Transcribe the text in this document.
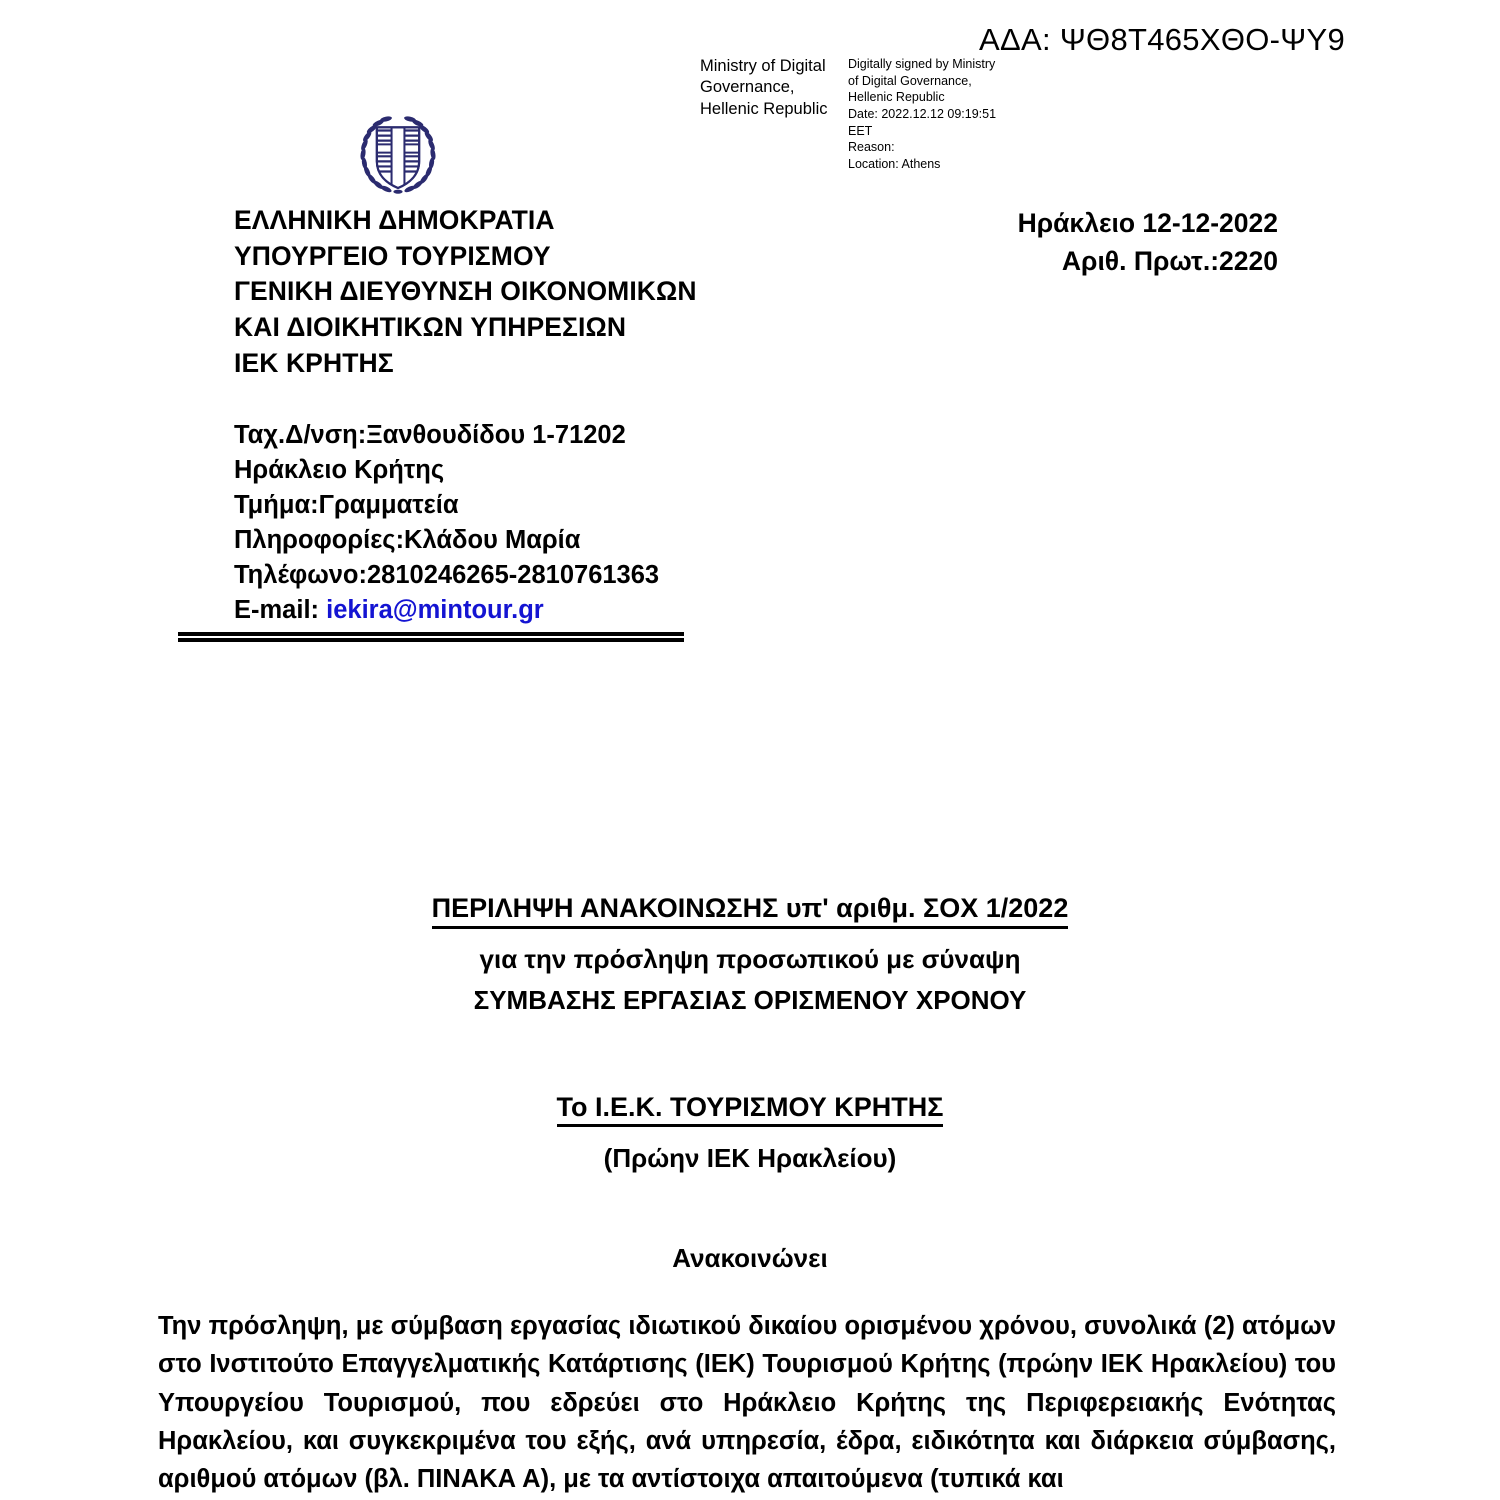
ΑΔΑ: ΨΘ8Τ465ΧΘΟ-ΨΥ9
Ministry of Digital Governance, Hellenic Republic
Digitally signed by Ministry
of Digital Governance,
Hellenic Republic
Date: 2022.12.12 09:19:51
EET
Reason:
Location: Athens
ΕΛΛΗΝΙΚΗ ΔΗΜΟΚΡΑΤΙΑ
ΥΠΟΥΡΓΕΙΟ ΤΟΥΡΙΣΜΟΥ
ΓΕΝΙΚΗ ΔΙΕΥΘΥΝΣΗ ΟΙΚΟΝΟΜΙΚΩΝ
ΚΑΙ ΔΙΟΙΚΗΤΙΚΩΝ ΥΠΗΡΕΣΙΩΝ
ΙΕΚ ΚΡΗΤΗΣ
Ηράκλειο 12-12-2022
Αριθ. Πρωτ.:2220
Ταχ.Δ/νση:Ξανθουδίδου 1-71202
Ηράκλειο Κρήτης
Τμήμα:Γραμματεία
Πληροφορίες:Κλάδου Μαρία
Τηλέφωνο:2810246265-2810761363
E-mail: iekira@mintour.gr
ΠΕΡΙΛΗΨΗ ΑΝΑΚΟΙΝΩΣΗΣ υπ' αριθμ. ΣΟΧ 1/2022
για την πρόσληψη προσωπικού με σύναψη
ΣΥΜΒΑΣΗΣ ΕΡΓΑΣΙΑΣ ΟΡΙΣΜΕΝΟΥ ΧΡΟΝΟΥ
Το Ι.Ε.Κ. ΤΟΥΡΙΣΜΟΥ ΚΡΗΤΗΣ
(Πρώην ΙΕΚ Ηρακλείου)
Ανακοινώνει
Την πρόσληψη, με σύμβαση εργασίας ιδιωτικού δικαίου ορισμένου χρόνου, συνολικά (2) ατόμων στο Ινστιτούτο Επαγγελματικής Κατάρτισης (ΙΕΚ) Τουρισμού Κρήτης (πρώην ΙΕΚ Ηρακλείου) του Υπουργείου Τουρισμού, που εδρεύει στο Ηράκλειο Κρήτης της Περιφερειακής Ενότητας Ηρακλείου, και συγκεκριμένα του εξής, ανά υπηρεσία, έδρα, ειδικότητα και διάρκεια σύμβασης, αριθμού ατόμων (βλ. ΠΙΝΑΚΑ Α), με τα αντίστοιχα απαιτούμενα (τυπικά και
